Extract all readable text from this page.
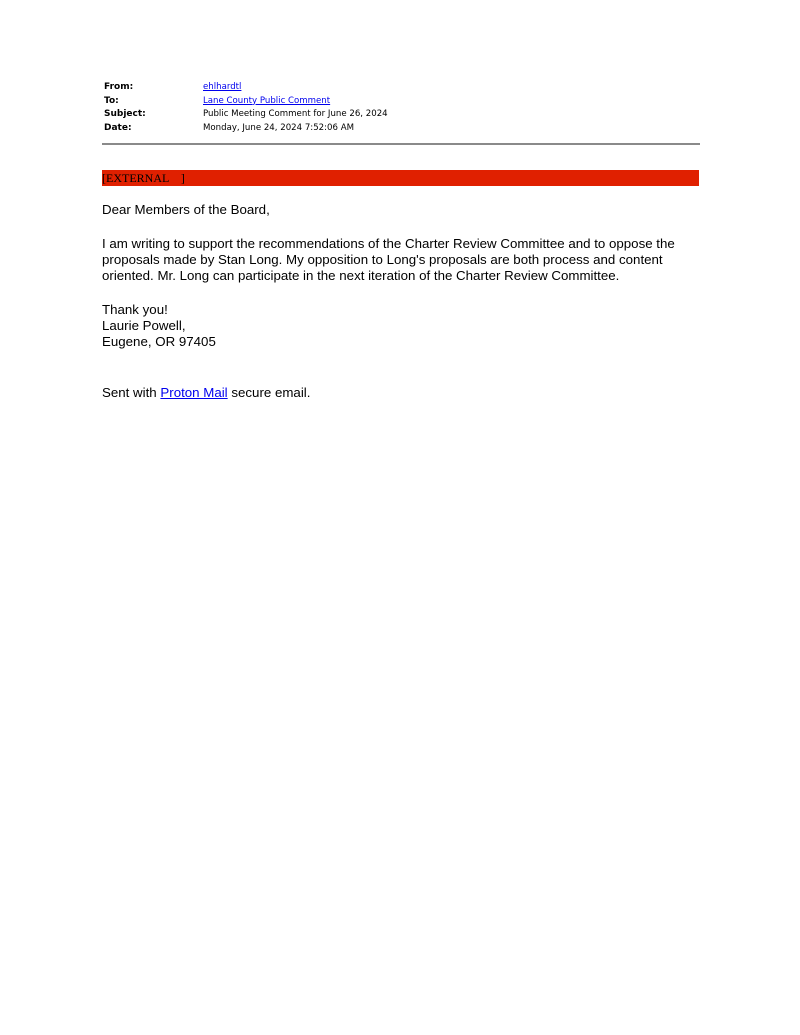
From:	ehlhardtl
To:	Lane County Public Comment
Subject:	Public Meeting Comment for June 26, 2024
Date:	Monday, June 24, 2024 7:52:06 AM
[EXTERNAL    ]
Dear Members of the Board,
I am writing to support the recommendations of the Charter Review Committee and to oppose the
proposals made by Stan Long. My opposition to Long's proposals are both process and content
oriented. Mr. Long can participate in the next iteration of the Charter Review Committee.
Thank you!
Laurie Powell,
Eugene, OR 97405
Sent with Proton Mail secure email.
